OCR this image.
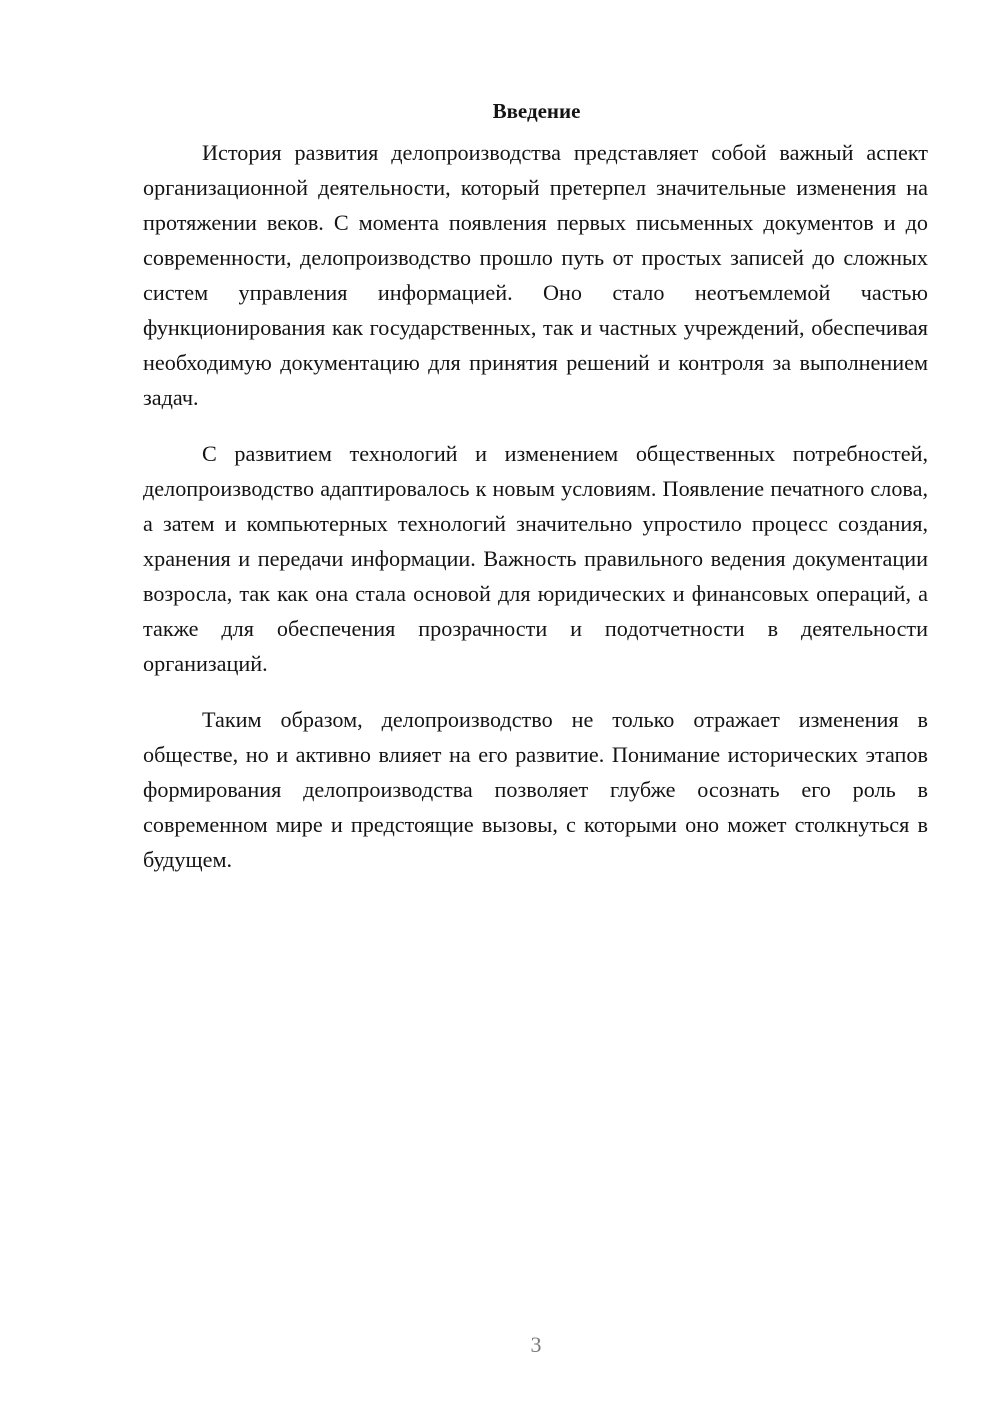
Введение

История развития делопроизводства представляет собой важный аспект организационной деятельности, который претерпел значительные изменения на протяжении веков. С момента появления первых письменных документов и до современности, делопроизводство прошло путь от простых записей до сложных систем управления информацией. Оно стало неотъемлемой частью функционирования как государственных, так и частных учреждений, обеспечивая необходимую документацию для принятия решений и контроля за выполнением задач.

С развитием технологий и изменением общественных потребностей, делопроизводство адаптировалось к новым условиям. Появление печатного слова, а затем и компьютерных технологий значительно упростило процесс создания, хранения и передачи информации. Важность правильного ведения документации возросла, так как она стала основой для юридических и финансовых операций, а также для обеспечения прозрачности и подотчетности в деятельности организаций.

Таким образом, делопроизводство не только отражает изменения в обществе, но и активно влияет на его развитие. Понимание исторических этапов формирования делопроизводства позволяет глубже осознать его роль в современном мире и предстоящие вызовы, с которыми оно может столкнуться в будущем.

3
